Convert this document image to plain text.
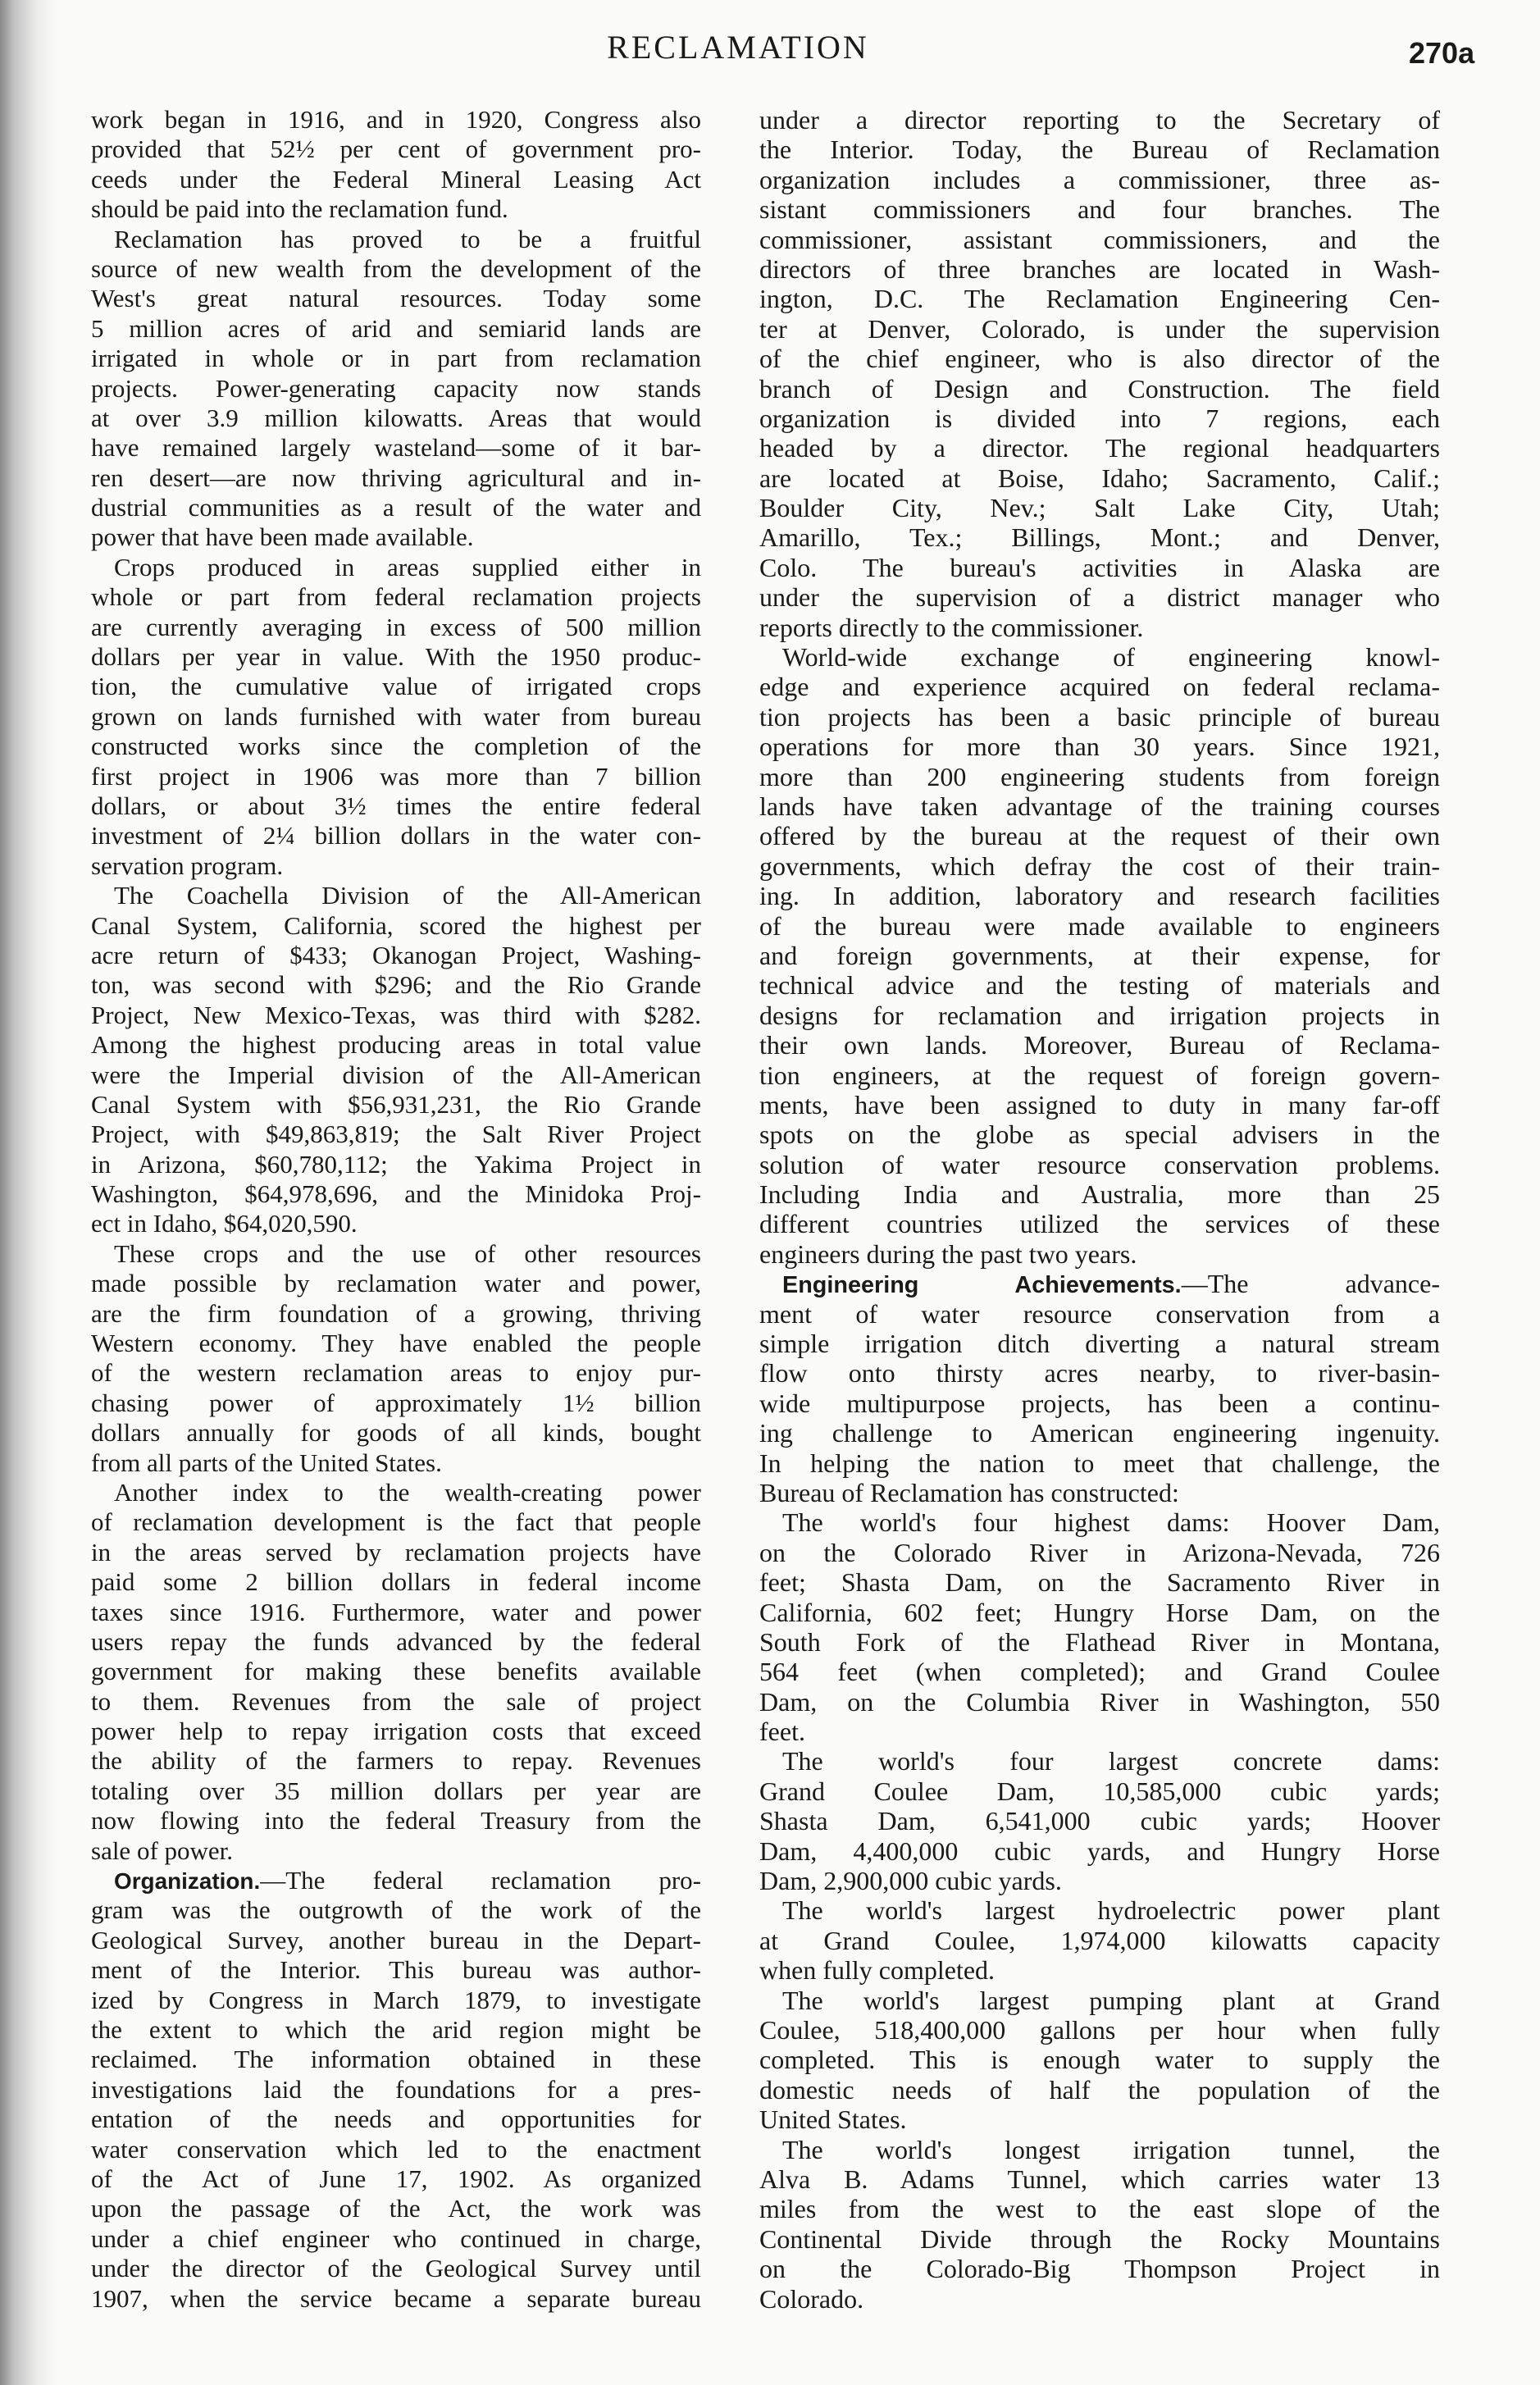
RECLAMATION	270a
work began in 1916, and in 1920, Congress also
provided that 52½ per cent of government pro-
ceeds under the Federal Mineral Leasing Act
should be paid into the reclamation fund.
Reclamation has proved to be a fruitful
source of new wealth from the development of the
West's great natural resources. Today some
5 million acres of arid and semiarid lands are
irrigated in whole or in part from reclamation
projects. Power-generating capacity now stands
at over 3.9 million kilowatts. Areas that would
have remained largely wasteland—some of it bar-
ren desert—are now thriving agricultural and in-
dustrial communities as a result of the water and
power that have been made available.
Crops produced in areas supplied either in
whole or part from federal reclamation projects
are currently averaging in excess of 500 million
dollars per year in value. With the 1950 produc-
tion, the cumulative value of irrigated crops
grown on lands furnished with water from bureau
constructed works since the completion of the
first project in 1906 was more than 7 billion
dollars, or about 3½ times the entire federal
investment of 2¼ billion dollars in the water con-
servation program.
The Coachella Division of the All-American
Canal System, California, scored the highest per
acre return of $433; Okanogan Project, Washing-
ton, was second with $296; and the Rio Grande
Project, New Mexico-Texas, was third with $282.
Among the highest producing areas in total value
were the Imperial division of the All-American
Canal System with $56,931,231, the Rio Grande
Project, with $49,863,819; the Salt River Project
in Arizona, $60,780,112; the Yakima Project in
Washington, $64,978,696, and the Minidoka Proj-
ect in Idaho, $64,020,590.
These crops and the use of other resources
made possible by reclamation water and power,
are the firm foundation of a growing, thriving
Western economy. They have enabled the people
of the western reclamation areas to enjoy pur-
chasing power of approximately 1½ billion
dollars annually for goods of all kinds, bought
from all parts of the United States.
Another index to the wealth-creating power
of reclamation development is the fact that people
in the areas served by reclamation projects have
paid some 2 billion dollars in federal income
taxes since 1916. Furthermore, water and power
users repay the funds advanced by the federal
government for making these benefits available
to them. Revenues from the sale of project
power help to repay irrigation costs that exceed
the ability of the farmers to repay. Revenues
totaling over 35 million dollars per year are
now flowing into the federal Treasury from the
sale of power.
Organization.—The federal reclamation pro-
gram was the outgrowth of the work of the
Geological Survey, another bureau in the Depart-
ment of the Interior. This bureau was author-
ized by Congress in March 1879, to investigate
the extent to which the arid region might be
reclaimed. The information obtained in these
investigations laid the foundations for a pres-
entation of the needs and opportunities for
water conservation which led to the enactment
of the Act of June 17, 1902. As organized
upon the passage of the Act, the work was
under a chief engineer who continued in charge,
under the director of the Geological Survey until
1907, when the service became a separate bureau
under a director reporting to the Secretary of
the Interior. Today, the Bureau of Reclamation
organization includes a commissioner, three as-
sistant commissioners and four branches. The
commissioner, assistant commissioners, and the
directors of three branches are located in Wash-
ington, D.C. The Reclamation Engineering Cen-
ter at Denver, Colorado, is under the supervision
of the chief engineer, who is also director of the
branch of Design and Construction. The field
organization is divided into 7 regions, each
headed by a director. The regional headquarters
are located at Boise, Idaho; Sacramento, Calif.;
Boulder City, Nev.; Salt Lake City, Utah;
Amarillo, Tex.; Billings, Mont.; and Denver,
Colo. The bureau's activities in Alaska are
under the supervision of a district manager who
reports directly to the commissioner.
World-wide exchange of engineering knowl-
edge and experience acquired on federal reclama-
tion projects has been a basic principle of bureau
operations for more than 30 years. Since 1921,
more than 200 engineering students from foreign
lands have taken advantage of the training courses
offered by the bureau at the request of their own
governments, which defray the cost of their train-
ing. In addition, laboratory and research facilities
of the bureau were made available to engineers
and foreign governments, at their expense, for
technical advice and the testing of materials and
designs for reclamation and irrigation projects in
their own lands. Moreover, Bureau of Reclama-
tion engineers, at the request of foreign govern-
ments, have been assigned to duty in many far-off
spots on the globe as special advisers in the
solution of water resource conservation problems.
Including India and Australia, more than 25
different countries utilized the services of these
engineers during the past two years.
Engineering Achievements.—The advance-
ment of water resource conservation from a
simple irrigation ditch diverting a natural stream
flow onto thirsty acres nearby, to river-basin-
wide multipurpose projects, has been a continu-
ing challenge to American engineering ingenuity.
In helping the nation to meet that challenge, the
Bureau of Reclamation has constructed:
The world's four highest dams: Hoover Dam,
on the Colorado River in Arizona-Nevada, 726
feet; Shasta Dam, on the Sacramento River in
California, 602 feet; Hungry Horse Dam, on the
South Fork of the Flathead River in Montana,
564 feet (when completed); and Grand Coulee
Dam, on the Columbia River in Washington, 550
feet.
The world's four largest concrete dams:
Grand Coulee Dam, 10,585,000 cubic yards;
Shasta Dam, 6,541,000 cubic yards; Hoover
Dam, 4,400,000 cubic yards, and Hungry Horse
Dam, 2,900,000 cubic yards.
The world's largest hydroelectric power plant
at Grand Coulee, 1,974,000 kilowatts capacity
when fully completed.
The world's largest pumping plant at Grand
Coulee, 518,400,000 gallons per hour when fully
completed. This is enough water to supply the
domestic needs of half the population of the
United States.
The world's longest irrigation tunnel, the
Alva B. Adams Tunnel, which carries water 13
miles from the west to the east slope of the
Continental Divide through the Rocky Mountains
on the Colorado-Big Thompson Project in
Colorado.
